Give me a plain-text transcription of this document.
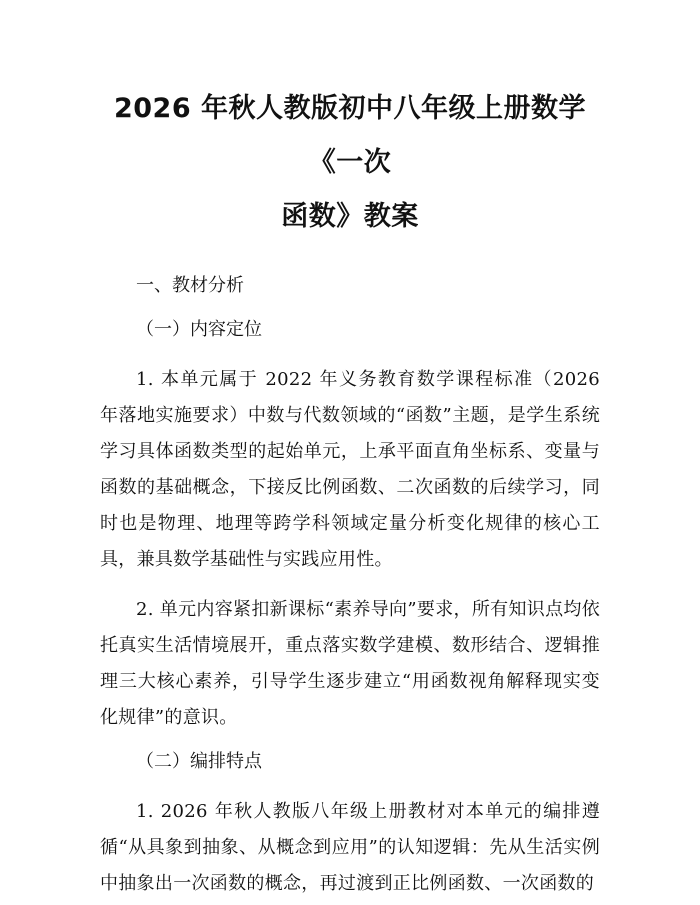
2026 年秋人教版初中八年级上册数学《一次
函数》教案

一、教材分析

（一）内容定位

1. 本单元属于 2022 年义务教育数学课程标准（2026 年落地实施要求）中数与代数领域的“函数”主题，是学生系统学习具体函数类型的起始单元，上承平面直角坐标系、变量与函数的基础概念，下接反比例函数、二次函数的后续学习，同时也是物理、地理等跨学科领域定量分析变化规律的核心工具，兼具数学基础性与实践应用性。

2. 单元内容紧扣新课标“素养导向”要求，所有知识点均依托真实生活情境展开，重点落实数学建模、数形结合、逻辑推理三大核心素养，引导学生逐步建立“用函数视角解释现实变化规律”的意识。

（二）编排特点

1. 2026 年秋人教版八年级上册教材对本单元的编排遵循“从具象到抽象、从概念到应用”的认知逻辑：先从生活实例中抽象出一次函数的概念，再过渡到正比例函数、一次函数的
